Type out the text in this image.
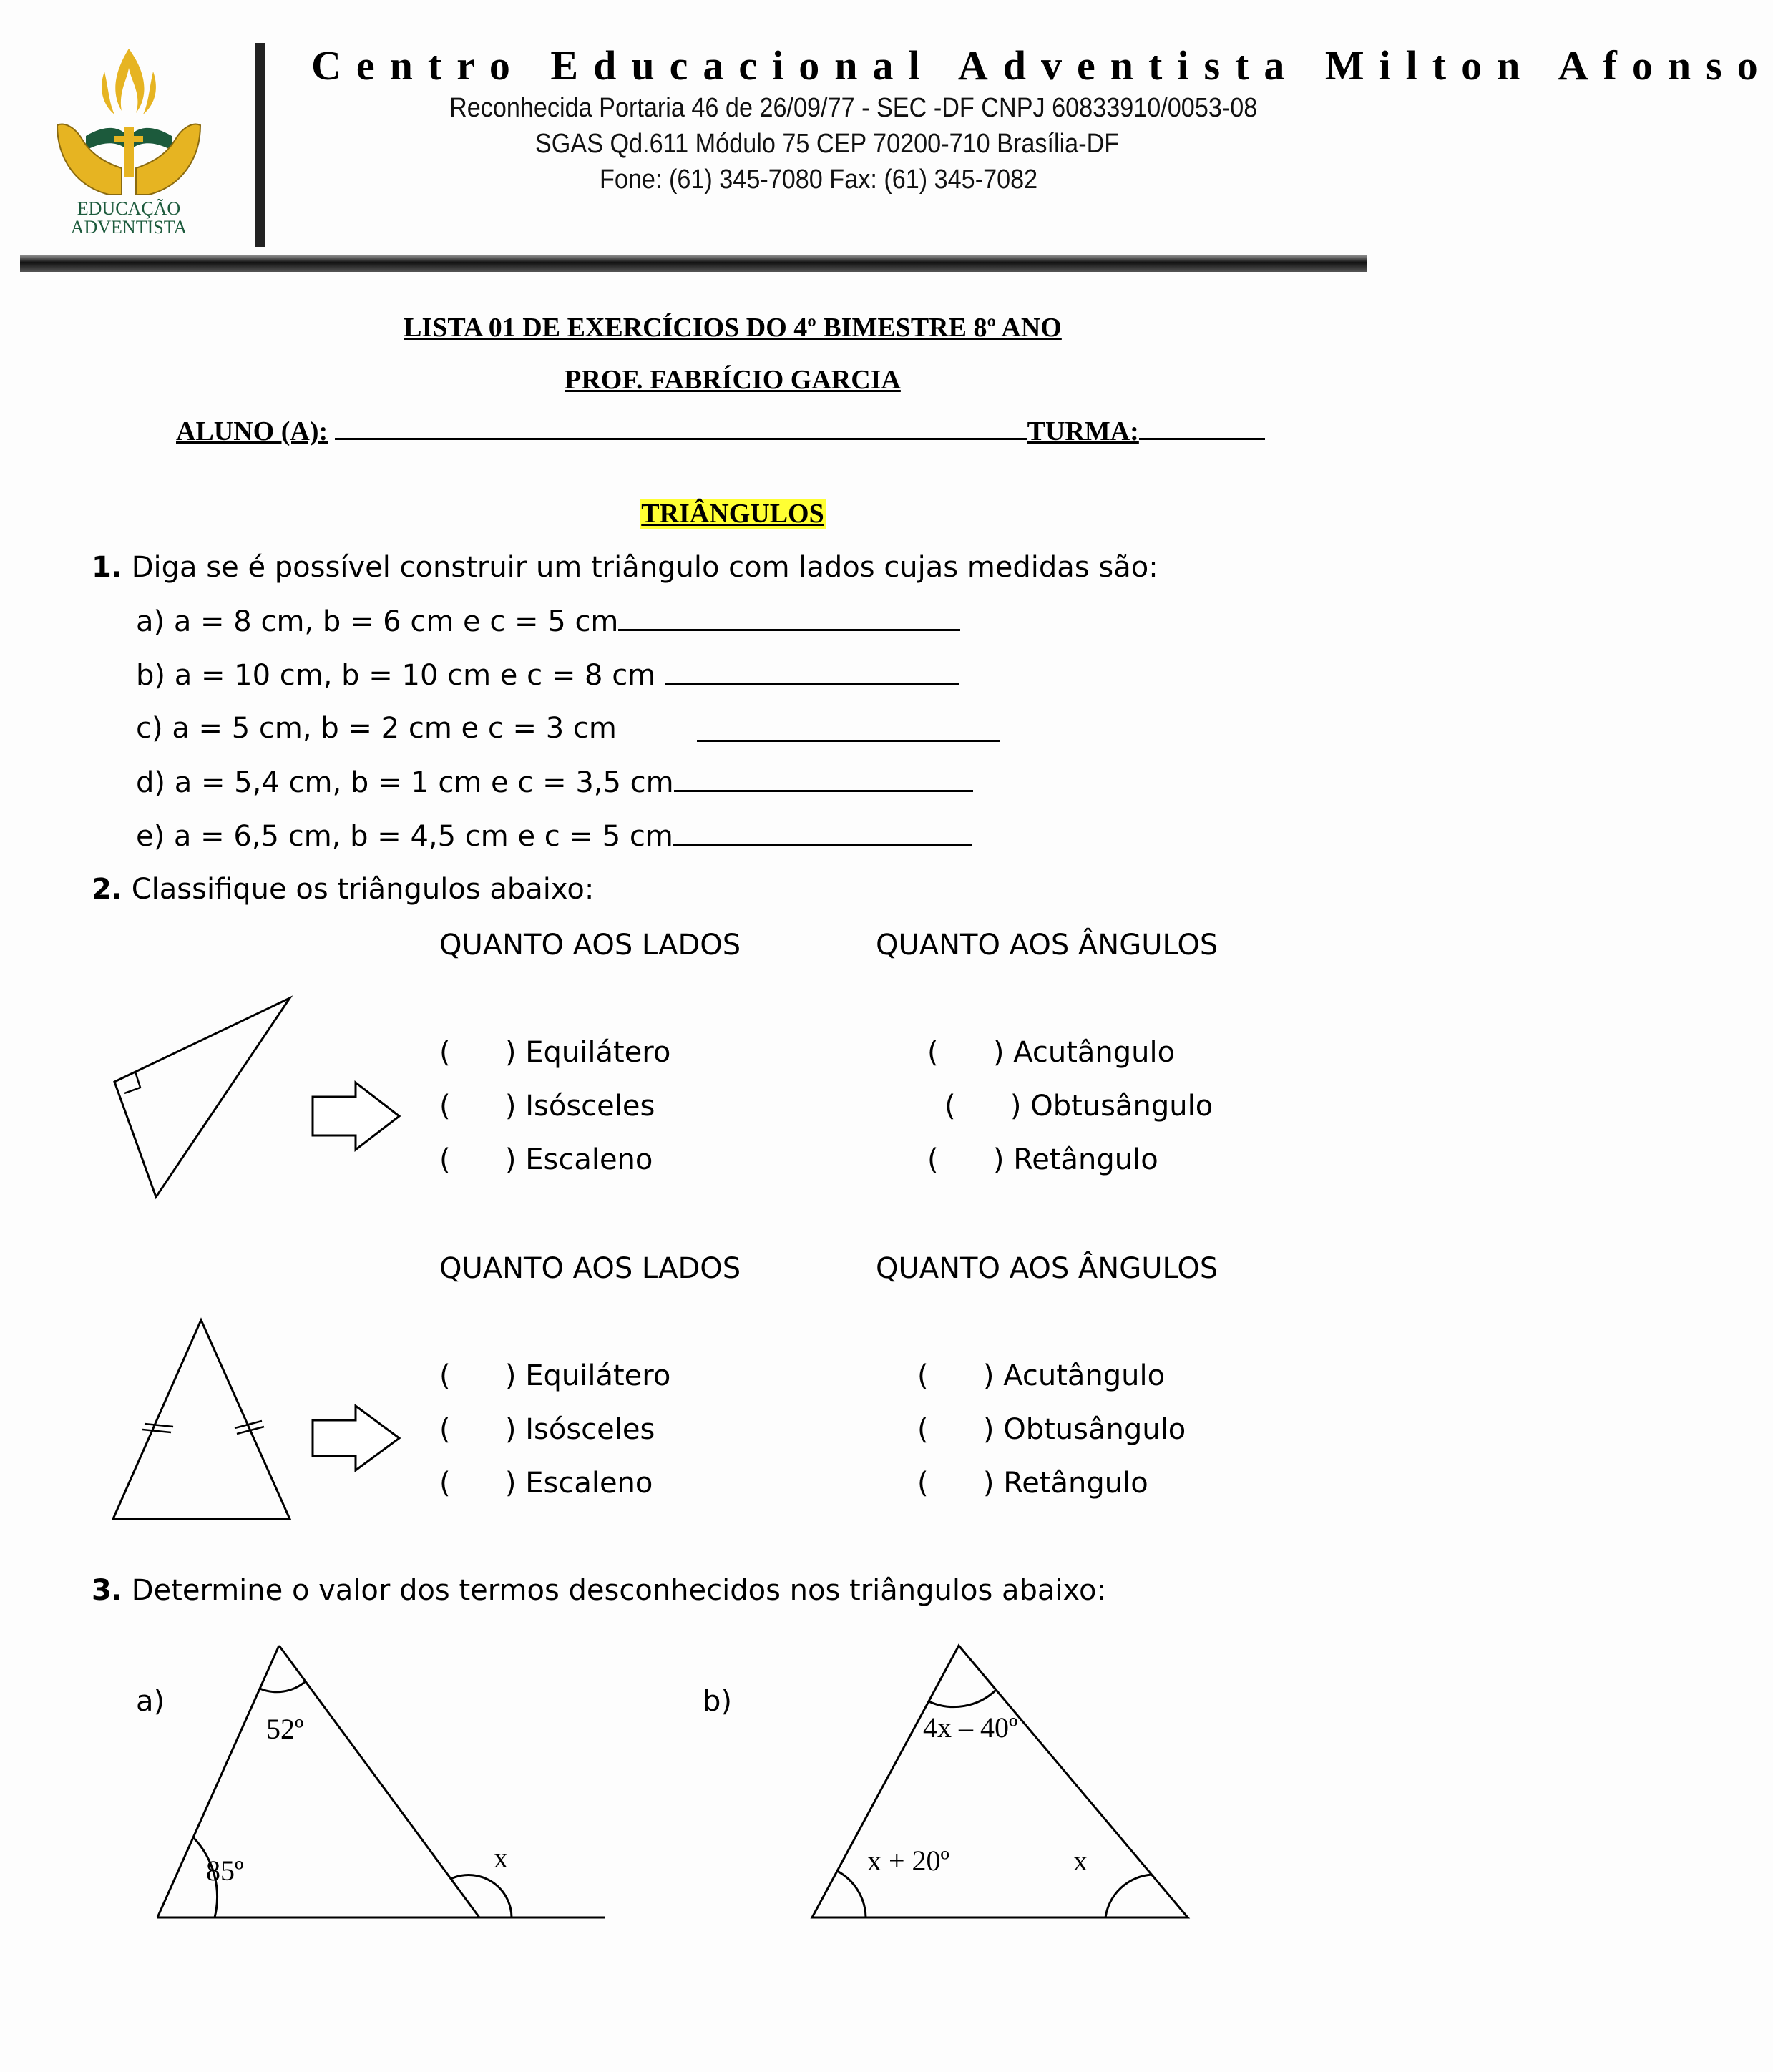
EDUCAÇÃO
ADVENTISTA
Centro Educacional Adventista Milton Afonso
Reconhecida Portaria 46 de 26/09/77 - SEC -DF CNPJ 60833910/0053-08
SGAS Qd.611 Módulo 75 CEP 70200-710 Brasília-DF
Fone: (61) 345-7080 Fax: (61) 345-7082
LISTA 01 DE EXERCÍCIOS DO 4º BIMESTRE 8º ANO
PROF. FABRÍCIO GARCIA
ALUNO (A):	TURMA:
TRIÂNGULOS
1. Diga se é possível construir um triângulo com lados cujas medidas são:
a) a = 8 cm, b = 6 cm e c = 5 cm
b) a = 10 cm, b = 10 cm e c = 8 cm
c) a = 5 cm, b = 2 cm e c = 3 cm
d) a = 5,4 cm, b = 1 cm e c = 3,5 cm
e) a = 6,5 cm, b = 4,5 cm e c = 5 cm
2. Classifique os triângulos abaixo:
QUANTO AOS LADOS	QUANTO AOS ÂNGULOS
(      ) Equilátero
(      ) Isósceles
(      ) Escaleno
(      ) Acutângulo
(      ) Obtusângulo
(      ) Retângulo
QUANTO AOS LADOS	QUANTO AOS ÂNGULOS
(      ) Equilátero
(      ) Isósceles
(      ) Escaleno
(      ) Acutângulo
(      ) Obtusângulo
(      ) Retângulo
3. Determine o valor dos termos desconhecidos nos triângulos abaixo:
a)
52º
85º	x
b)
4x – 40º
x + 20º	x
